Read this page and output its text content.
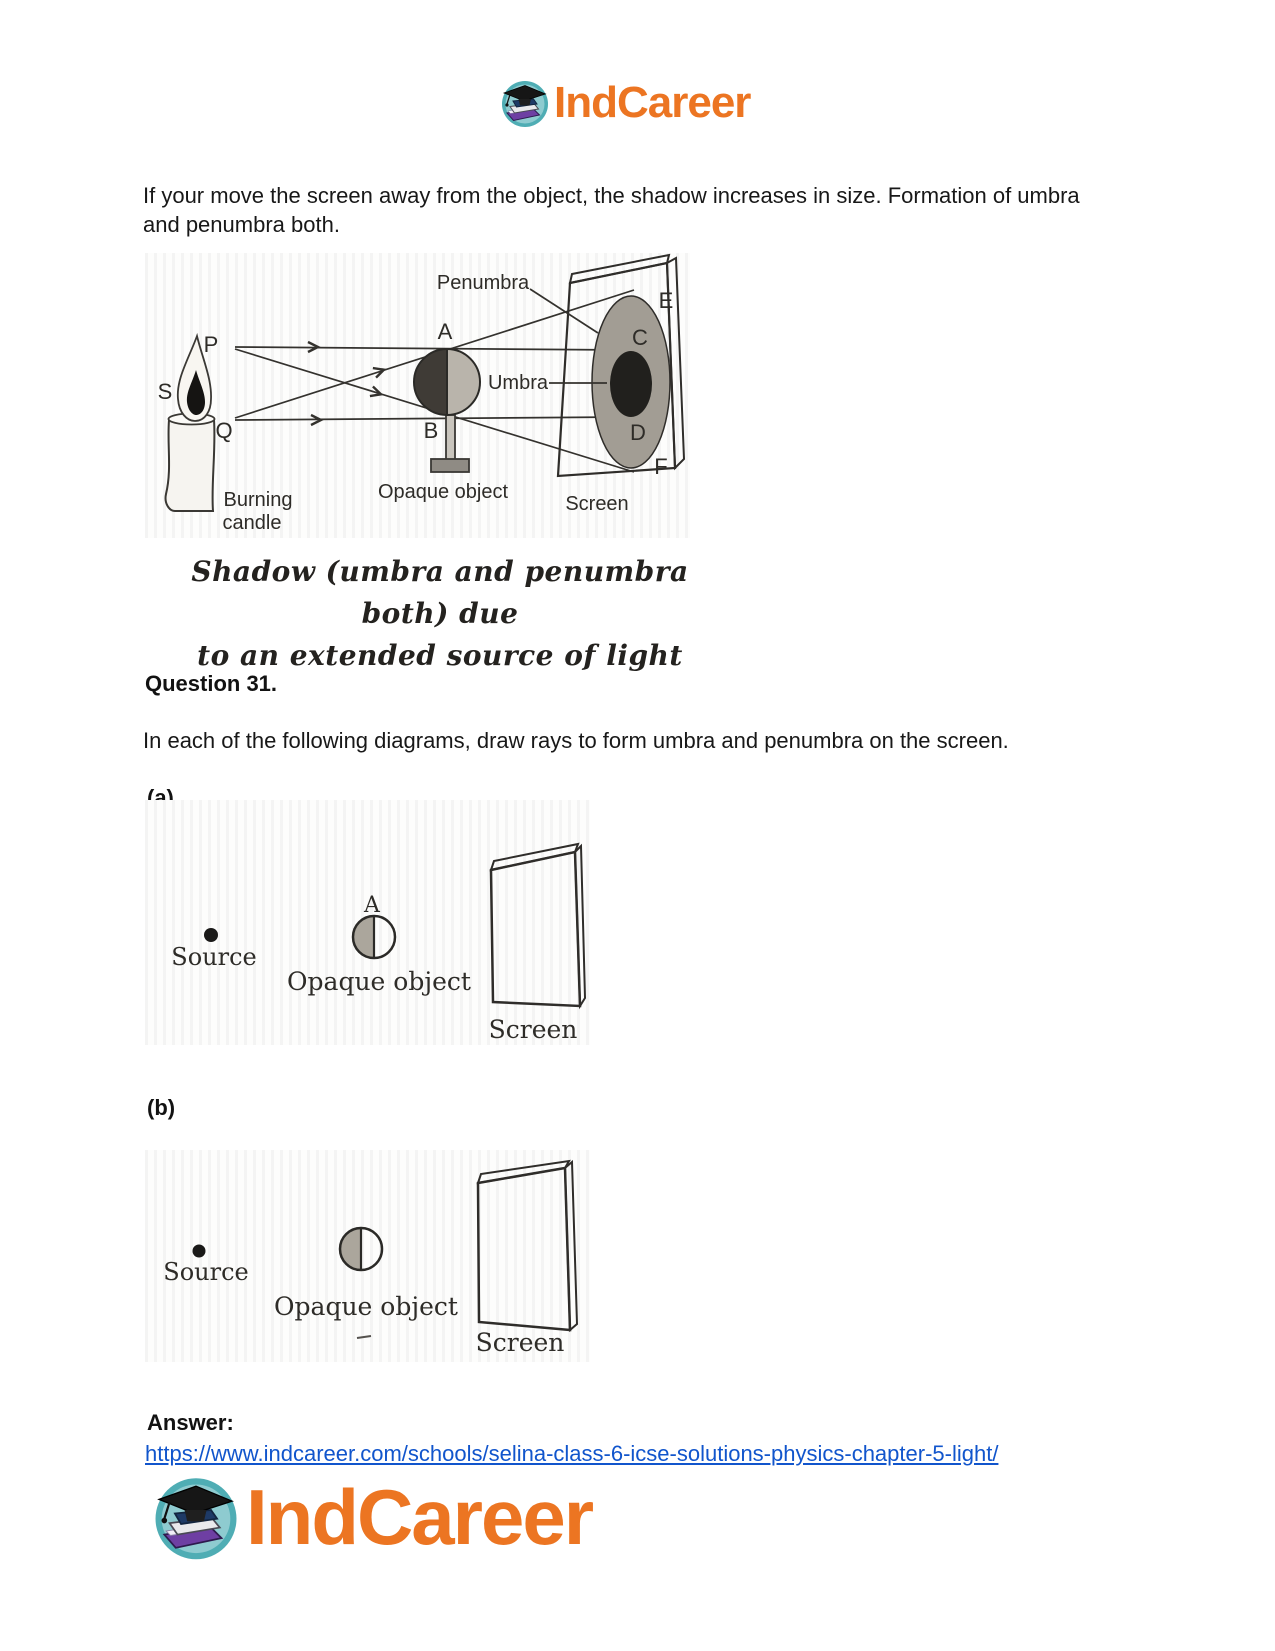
IndCareer

If your move the screen away from the object, the shadow increases in size. Formation of umbra and penumbra both.

S
P
Q
A
B
E
C
D
F
Penumbra
Umbra
Burning
candle
Opaque object
Screen
Shadow (umbra and penumbra both) due
to an extended source of light
Question 31.

In each of the following diagrams, draw rays to form umbra and penumbra on the screen.

(a)
A
Source
Opaque object
Screen
(b)
Source
Opaque object
Screen
Answer:
https://www.indcareer.com/schools/selina-class-6-icse-solutions-physics-chapter-5-light/
IndCareer
